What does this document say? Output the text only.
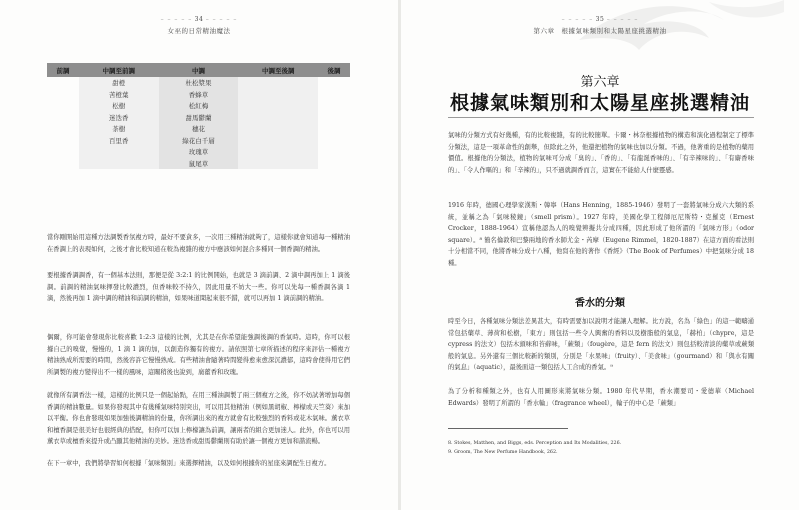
– – – – – 34 – – – – –
女巫的日常精油魔法
前調	中調至前調	中調	中調至後調	後調
	甜橙	杜松漿果		
	苦橙葉	香蜂草		
	松樹	松紅梅		
	迷迭香	甜馬鬱蘭		
	茶樹	穗花		
	百里香	綠花白千層		
		玫瑰草		
		鼠尾草		

當你剛開始用這種方法調製香氛複方時，最好不要貪多，一次用三種精油就夠了，這樣你就會知道每一種精油在香調上的表現如何，之後才會比較知道在較為複雜的複方中應該如何混合多種同一個香調的精油。

要根據香調調香，有一個基本法則，那便是從 3:2:1 的比例開始，也就是 3 滴前調、2 滴中調再加上 1 滴後調。前調的精油氣味揮發比較濃烈，但香味較不持久，因此用量不妨大一些。你可以先每一種香調各滴 1 滴，然後再加 1 滴中調的精油和前調的精油，如果味道聞起來很不錯，就可以再加 1 滴前調的精油。

偶爾，你可能會發現你比較喜歡 1:2:3 這樣的比例，尤其是在你希望能強調後調的香氣時。這時，你可以根據自己的嗅覺，慢慢的，1 滴 1 滴的加，以創造你獨有的複方。請依照第七章所描述的程序來評估一種複方精油熟成所需要的時間，然後容許它慢慢熟成。有些精油會隨著時間變得愈來愈深沉濃郁，這時會使得用它們所調製的複方變得出不一樣的風味，這關稍後也說到，廣藿香和玫瑰。

就像所有調香法一樣，這樣的比例只是一個起始點，在用三種油調製了兩三個複方之後，你不妨試著增加每個香調的精油數量。如果你發現其中有幾種氣味特別突出，可以用其他精油（例如黑胡椒、檸檬或天竺葵）來加以平衡。你也會發現如果加強後調精油的份量，你所調出來的複方就會有比較強烈的香料或花木氣味。薰衣草和檀香調是很美好也很經典的搭配，但你可以加上檸檬讓為前調，讓兩者的組合更加迷人。此外，你也可以用薰衣草或檀香來提升或凸顯其他精油的美妙。迷迭香或甜馬鬱蘭則有助於讓一個複方更加和諧流暢。

在下一章中，我們將學習如何根據「氣味類別」來選擇精油，以及如何根據你的星座來調配生日複方。

– – – – – 35 – – – – –
第六章　根據氣味類別和太陽星座挑選精油
第六章
根據氣味類別和太陽星座挑選精油

氣味的分類方式有好幾種，有的比較複雜，有的比較簡單。卡爾・林奈根據植物的構造和演化過程制定了標準分類法，這是一項革命性的創舉，但除此之外，他還把植物的氣味也加以分類。不過，他著重的是植物的藥用價值。根據他的分類法，植物的氣味可分成「臭的」、「香的」、「有龍涎香味的」、「有辛辣味的」、「有麝香味的」、「令人作嘔的」和「辛辣的」，只不過就調香而言，這實在不能給人什麼靈感。

1916 年時，德國心理學家漢斯・韓寧（Hans Henning，1885-1946）發明了一套將氣味分成六大類的系統，並稱之為「氣味稜鏡」（smell prism）。1927 年時，美國化學工程師厄尼斯特・克羅克（Ernest Crocker，1888-1964）宣稱他認為人的嗅覺辨擬共分成四種，因此形成了他所謂的「氣味方形」（odor square）。⁸ 簡名倫敦和巴黎兩地的香水師尤金・芮摩（Eugene Rimmel，1820-1887）在這方面的看法則十分相當不同，他將香味分成十八種，他寫在他的著作《香經》（The Book of Perfumes）中把氣味分成 18 種。

香水的分類

時至今日，各種氣味分類法差異甚大，有時需要加以說明才能讓人理解。比方說，名為「綠色」的這一範疇通常包括藥草、薄荷和松樹，「東方」則包括一些令人興奮的香料以及樹脂般的氣息，「赫柏」（chypre，這是 cypress 的法文）包括木頭味和苔蘚味，「蕨類」（fougère，這是 fern 的法文）則包括較清淡的藥草或蕨類般的氣息。另外還有三個比較新的類別，分別是「水果味」（fruity）、「美食味」（gourmand）和「與水有關的氣息」（aquatic），最後面這一類包括人工合成的香氣。⁹

為了分析和種類之外，也有人用圖形來將氣味分類。1980 年代早期，香水潮要司・愛德華（Michael Edwards）發明了所謂的「香水輪」（fragrance wheel），輪子的中心是「蕨類」

8. Stokes, Matthen, and Biggs, eds. Perception and Its Modalities, 226.
9. Groom, The New Perfume Handbook, 262.
